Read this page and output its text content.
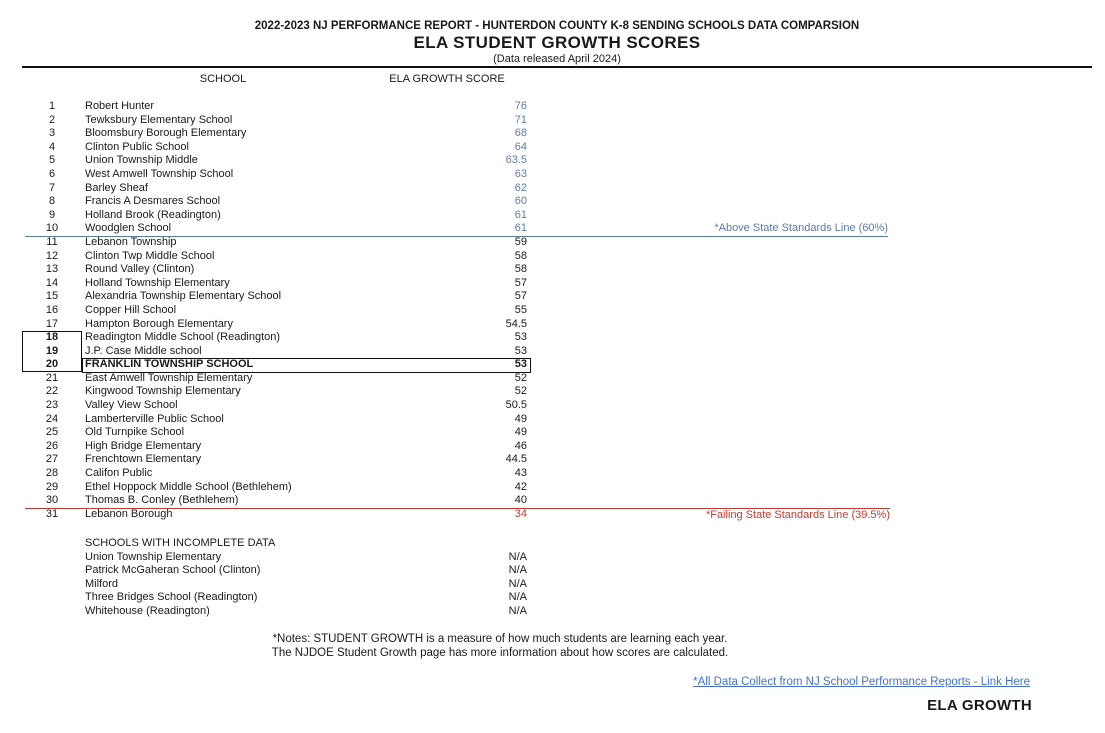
2022-2023 NJ PERFORMANCE REPORT - HUNTERDON COUNTY K-8 SENDING SCHOOLS DATA COMPARSION
ELA STUDENT GROWTH SCORES
(Data released April 2024)
SCHOOL	ELA GROWTH SCORE
1	Robert Hunter	76
2	Tewksbury Elementary School	71
3	Bloomsbury Borough Elementary	68
4	Clinton Public School	64
5	Union Township Middle	63.5
6	West Amwell Township School	63
7	Barley Sheaf	62
8	Francis A Desmares School	60
9	Holland Brook (Readington)	61
10	Woodglen School	61
11	Lebanon Township	59
12	Clinton Twp Middle School	58
13	Round Valley (Clinton)	58
14	Holland Township Elementary	57
15	Alexandria Township Elementary School	57
16	Copper Hill School	55
17	Hampton Borough Elementary	54.5
18	Readington Middle School (Readington)	53
19	J.P. Case Middle school	53
20	FRANKLIN TOWNSHIP SCHOOL	53
21	East Amwell Township Elementary	52
22	Kingwood Township Elementary	52
23	Valley View School	50.5
24	Lamberterville Public School	49
25	Old Turnpike School	49
26	High Bridge Elementary	46
27	Frenchtown Elementary	44.5
28	Califon Public	43
29	Ethel Hoppock Middle School (Bethlehem)	42
30	Thomas B. Conley (Bethlehem)	40
31	Lebanon Borough	34
*Above State Standards Line (60%)
*Failing State Standards Line (39.5%)
SCHOOLS WITH INCOMPLETE DATA
Union Township Elementary	N/A
Patrick McGaheran School (Clinton)	N/A
Milford	N/A
Three Bridges School (Readington)	N/A
Whitehouse (Readington)	N/A
*Notes: STUDENT GROWTH is a measure of how much students are learning each year.
The NJDOE Student Growth page has more information about how scores are calculated.
*All Data Collect from NJ School Performance Reports - Link Here
ELA GROWTH
